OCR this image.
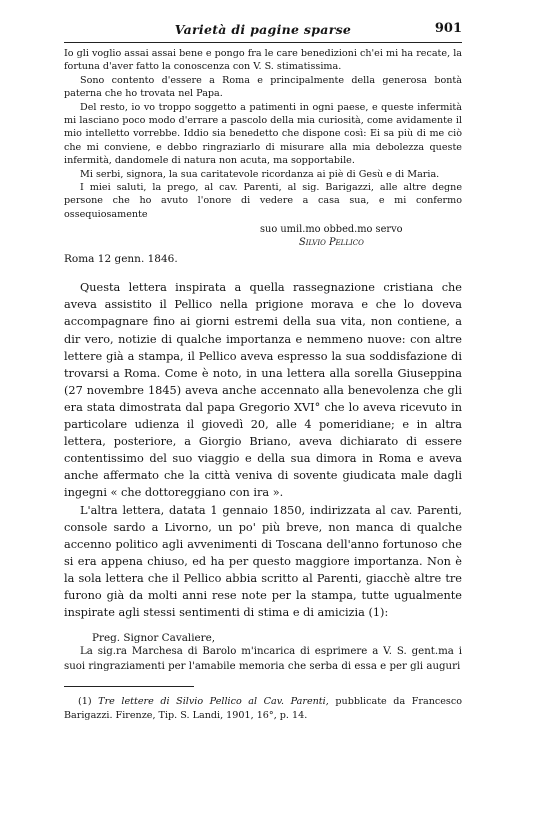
Varietà di pagine sparse	901

Io gli voglio assai assai bene e pongo fra le care benedizioni ch'ei mi ha recate, la fortuna d'aver fatto la conoscenza con V. S. stimatissima.

Sono contento d'essere a Roma e principalmente della generosa bontà paterna che ho trovata nel Papa.

Del resto, io vo troppo soggetto a patimenti in ogni paese, e queste infermità mi lasciano poco modo d'errare a pascolo della mia curiosità, come avidamente il mio intelletto vorrebbe. Iddio sia benedetto che dispone così: Ei sa più di me ciò che mi conviene, e debbo ringraziarlo di misurare alla mia debolezza queste infermità, dandomele di natura non acuta, ma sopportabile.

Mi serbi, signora, la sua caritatevole ricordanza ai piè di Gesù e di Maria.

I miei saluti, la prego, al cav. Parenti, al sig. Barigazzi, alle altre degne persone che ho avuto l'onore di vedere a casa sua, e mi confermo ossequiosamente

suo umil.mo obbed.mo servo
Silvio Pellico
Roma 12 genn. 1846.

Questa lettera inspirata a quella rassegnazione cristiana che aveva assistito il Pellico nella prigione morava e che lo doveva accompagnare fino ai giorni estremi della sua vita, non contiene, a dir vero, notizie di qualche importanza e nemmeno nuove: con altre lettere già a stampa, il Pellico aveva espresso la sua soddisfazione di trovarsi a Roma. Come è noto, in una lettera alla sorella Giuseppina (27 novembre 1845) aveva anche accennato alla benevolenza che gli era stata dimostrata dal papa Gregorio XVI° che lo aveva ricevuto in particolare udienza il giovedì 20, alle 4 pomeridiane; e in altra lettera, posteriore, a Giorgio Briano, aveva dichiarato di essere contentissimo del suo viaggio e della sua dimora in Roma e aveva anche affermato che la città veniva di sovente giudicata male dagli ingegni « che dottoreggiano con ira ».

L'altra lettera, datata 1 gennaio 1850, indirizzata al cav. Parenti, console sardo a Livorno, un po' più breve, non manca di qualche accenno politico agli avvenimenti di Toscana dell'anno fortunoso che si era appena chiuso, ed ha per questo maggiore importanza. Non è la sola lettera che il Pellico abbia scritto al Parenti, giacchè altre tre furono già da molti anni rese note per la stampa, tutte ugualmente inspirate agli stessi sentimenti di stima e di amicizia (1):

Preg. Signor Cavaliere,

La sig.ra Marchesa di Barolo m'incarica di esprimere a V. S. gent.ma i suoi ringraziamenti per l'amabile memoria che serba di essa e per gli auguri

(1) Tre lettere di Silvio Pellico al Cav. Parenti, pubblicate da Francesco Barigazzi. Firenze, Tip. S. Landi, 1901, 16°, p. 14.
